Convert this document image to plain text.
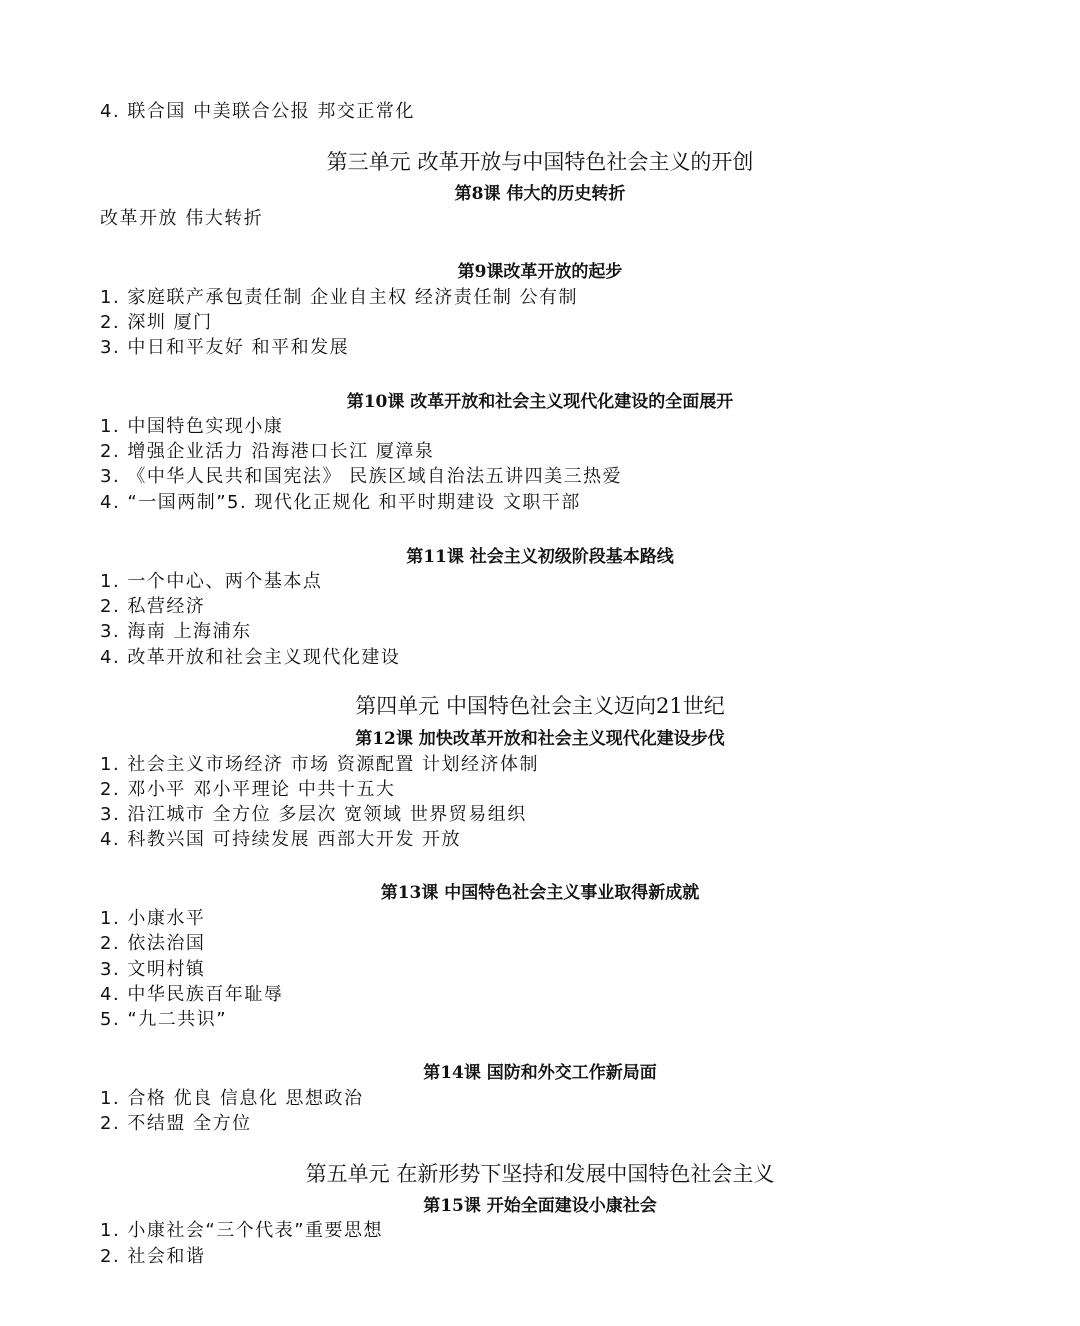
4. 联合国 中美联合公报 邦交正常化
第三单元 改革开放与中国特色社会主义的开创
第8课 伟大的历史转折
改革开放 伟大转折
第9课改革开放的起步
1. 家庭联产承包责任制 企业自主权 经济责任制 公有制
2. 深圳 厦门
3. 中日和平友好 和平和发展
第10课 改革开放和社会主义现代化建设的全面展开
1. 中国特色实现小康
2. 增强企业活力 沿海港口长江 厦漳泉
3. 《中华人民共和国宪法》 民族区域自治法五讲四美三热爱
4. “一国两制”5. 现代化正规化 和平时期建设 文职干部
第11课 社会主义初级阶段基本路线
1. 一个中心、两个基本点
2. 私营经济
3. 海南 上海浦东
4. 改革开放和社会主义现代化建设
第四单元 中国特色社会主义迈向21世纪
第12课 加快改革开放和社会主义现代化建设步伐
1. 社会主义市场经济 市场 资源配置 计划经济体制
2. 邓小平 邓小平理论 中共十五大
3. 沿江城市 全方位 多层次 宽领域 世界贸易组织
4. 科教兴国 可持续发展 西部大开发 开放
第13课 中国特色社会主义事业取得新成就
1. 小康水平
2. 依法治国
3. 文明村镇
4. 中华民族百年耻辱
5. “九二共识”
第14课 国防和外交工作新局面
1. 合格 优良 信息化 思想政治
2. 不结盟 全方位
第五单元 在新形势下坚持和发展中国特色社会主义
第15课 开始全面建设小康社会
1. 小康社会“三个代表”重要思想
2. 社会和谐
